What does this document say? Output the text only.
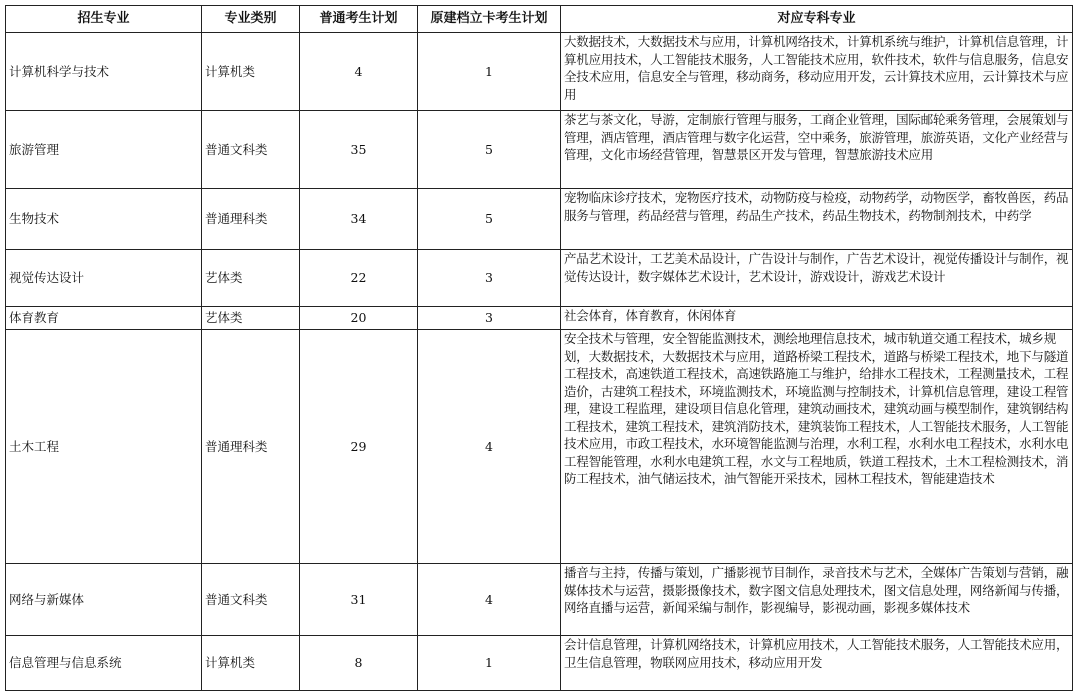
招生专业	专业类别	普通考生计划	原建档立卡考生计划	对应专科专业
计算机科学与技术	计算机类	4	1	大数据技术，大数据技术与应用，计算机网络技术，计算机系统与维护，计算机信息管理，计算机应用技术，人工智能技术服务，人工智能技术应用，软件技术，软件与信息服务，信息安全技术应用，信息安全与管理，移动商务，移动应用开发，云计算技术应用，云计算技术与应用
旅游管理	普通文科类	35	5	茶艺与茶文化，导游，定制旅行管理与服务，工商企业管理，国际邮轮乘务管理，会展策划与管理，酒店管理，酒店管理与数字化运营，空中乘务，旅游管理，旅游英语，文化产业经营与管理，文化市场经营管理，智慧景区开发与管理，智慧旅游技术应用
生物技术	普通理科类	34	5	宠物临床诊疗技术，宠物医疗技术，动物防疫与检疫，动物药学，动物医学，畜牧兽医，药品服务与管理，药品经营与管理，药品生产技术，药品生物技术，药物制剂技术，中药学
视觉传达设计	艺体类	22	3	产品艺术设计，工艺美术品设计，广告设计与制作，广告艺术设计，视觉传播设计与制作，视觉传达设计，数字媒体艺术设计，艺术设计，游戏设计，游戏艺术设计
体育教育	艺体类	20	3	社会体育，体育教育，休闲体育
土木工程	普通理科类	29	4	安全技术与管理，安全智能监测技术，测绘地理信息技术，城市轨道交通工程技术，城乡规划，大数据技术，大数据技术与应用，道路桥梁工程技术，道路与桥梁工程技术，地下与隧道工程技术，高速铁道工程技术，高速铁路施工与维护，给排水工程技术，工程测量技术，工程造价，古建筑工程技术，环境监测技术，环境监测与控制技术，计算机信息管理，建设工程管理，建设工程监理，建设项目信息化管理，建筑动画技术，建筑动画与模型制作，建筑钢结构工程技术，建筑工程技术，建筑消防技术，建筑装饰工程技术，人工智能技术服务，人工智能技术应用，市政工程技术，水环境智能监测与治理，水利工程，水利水电工程技术，水利水电工程智能管理，水利水电建筑工程，水文与工程地质，铁道工程技术，土木工程检测技术，消防工程技术，油气储运技术，油气智能开采技术，园林工程技术，智能建造技术
网络与新媒体	普通文科类	31	4	播音与主持，传播与策划，广播影视节目制作，录音技术与艺术，全媒体广告策划与营销，融媒体技术与运营，摄影摄像技术，数字图文信息处理技术，图文信息处理，网络新闻与传播，网络直播与运营，新闻采编与制作，影视编导，影视动画，影视多媒体技术
信息管理与信息系统	计算机类	8	1	会计信息管理，计算机网络技术，计算机应用技术，人工智能技术服务，人工智能技术应用，卫生信息管理，物联网应用技术，移动应用开发
